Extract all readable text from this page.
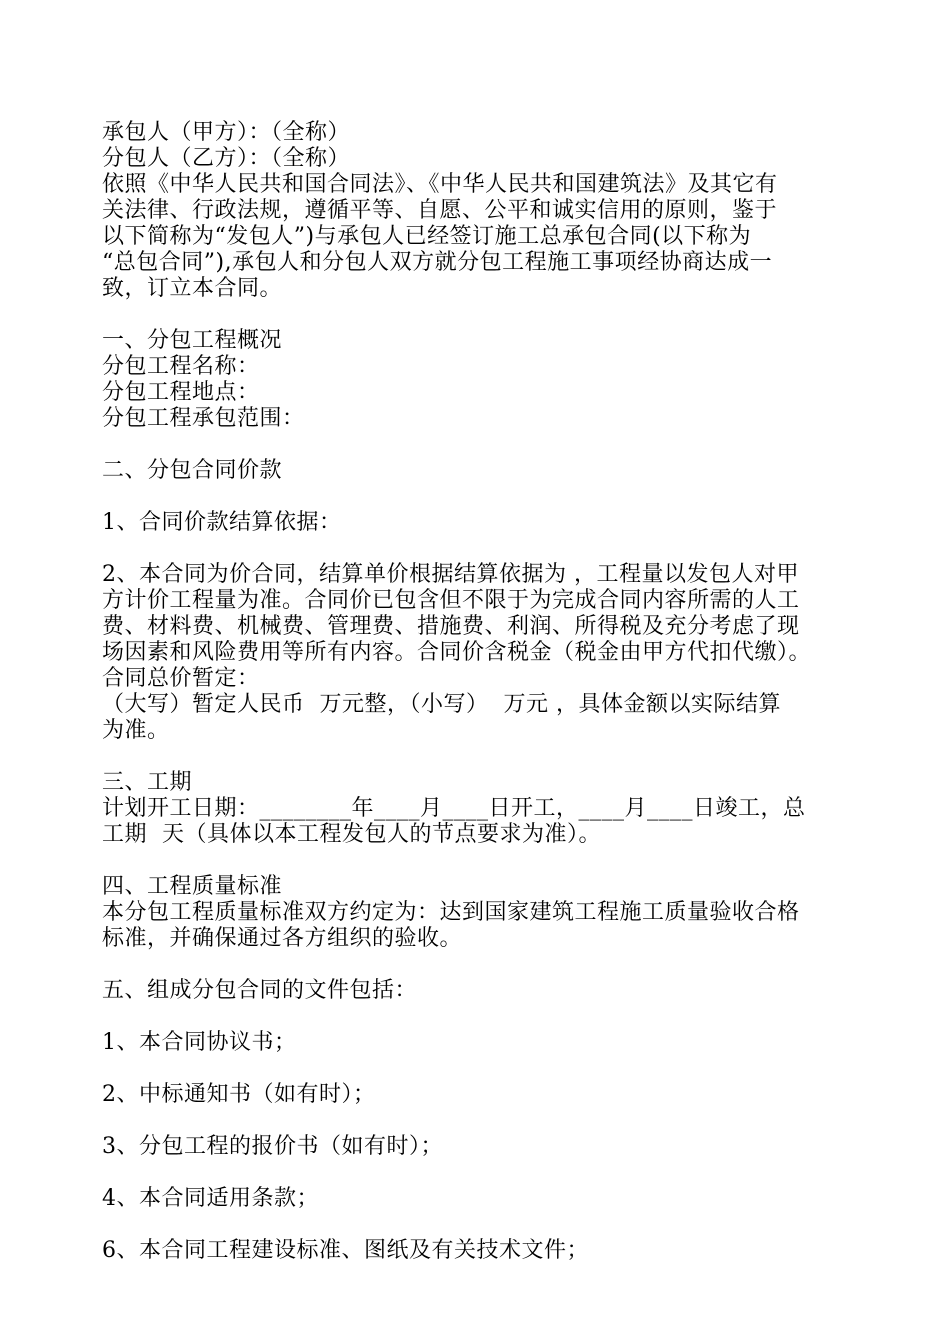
承包人（甲方）：（全称）
分包人（乙方）：（全称）
依照《中华人民共和国合同法》、《中华人民共和国建筑法》及其它有
关法律、行政法规，遵循平等、自愿、公平和诚实信用的原则，鉴于
以下简称为“发包人”)与承包人已经签订施工总承包合同(以下称为
“总包合同”),承包人和分包人双方就分包工程施工事项经协商达成一
致，订立本合同。
一、分包工程概况
分包工程名称：
分包工程地点：
分包工程承包范围：
二、分包合同价款
1、合同价款结算依据：
2、本合同为价合同，结算单价根据结算依据为 ，工程量以发包人对甲
方计价工程量为准。合同价已包含但不限于为完成合同内容所需的人工
费、材料费、机械费、管理费、措施费、利润、所得税及充分考虑了现
场因素和风险费用等所有内容。合同价含税金（税金由甲方代扣代缴）。
合同总价暂定：
（大写）暂定人民币  万元整，（小写）  万元 ，具体金额以实际结算
为准。
三、工期
计划开工日期：________年____月____日开工，____月____日竣工，总
工期  天（具体以本工程发包人的节点要求为准）。
四、工程质量标准
本分包工程质量标准双方约定为：达到国家建筑工程施工质量验收合格
标准，并确保通过各方组织的验收。
五、组成分包合同的文件包括：
1、本合同协议书；
2、中标通知书（如有时）；
3、分包工程的报价书（如有时）；
4、本合同适用条款；
6、本合同工程建设标准、图纸及有关技术文件；
